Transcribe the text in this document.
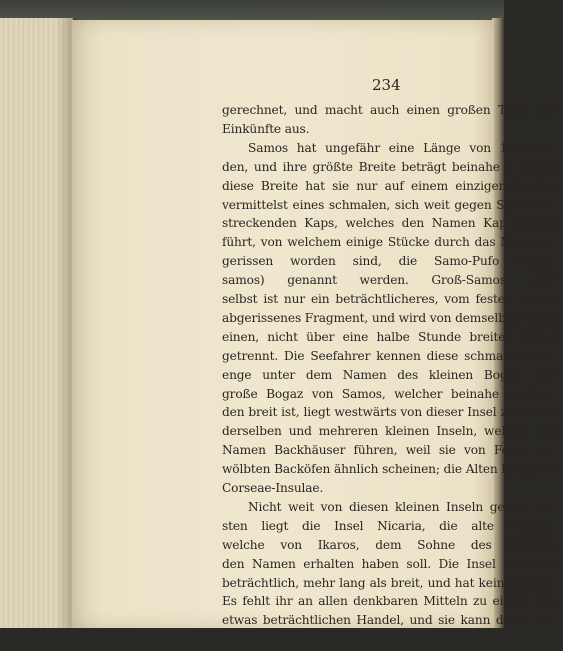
234
gerechnet, und macht auch einen großen Theil der
Einkünfte aus.
Samos hat ungefähr eine Länge von 10 Stun-
den, und ihre größte Breite beträgt beinahe 5; allein
diese Breite hat sie nur auf einem einzigen Punkte
vermittelst eines schmalen, sich weit gegen Süden er-
streckenden Kaps, welches den Namen Kap Kolona
führt, von welchem einige Stücke durch das Meer ab-
gerissen worden sind, die Samo-Pufo (Klein-
samos) genannt werden. Groß-Samos aber
selbst ist nur ein beträchtlicheres, vom festen Lande
abgerissenes Fragment, und wird von demselben durch
einen, nicht über eine halbe Stunde breiten Kanal
getrennt. Die Seefahrer kennen diese schmale Meer-
enge unter dem Namen des kleinen Bogaz; der
große Bogaz von Samos, welcher beinahe 2 Stun-
den breit ist, liegt westwärts von dieser Insel zwischen
derselben und mehreren kleinen Inseln, welche den
Namen Backhäuser führen, weil sie von Ferne ge-
wölbten Backöfen ähnlich scheinen; die Alten hießen sie
Corseae-Insulae.
Nicht weit von diesen kleinen Inseln gegen We-
sten liegt die Insel Nicaria, die alte Nicaria,
welche von Ikaros, dem Sohne des Dädalos
den Namen erhalten haben soll. Die Insel ist nicht
beträchtlich, mehr lang als breit, und hat keine Häfen.
Es fehlt ihr an allen denkbaren Mitteln zu einem nur
etwas beträchtlichen Handel, und sie kann daher un-
